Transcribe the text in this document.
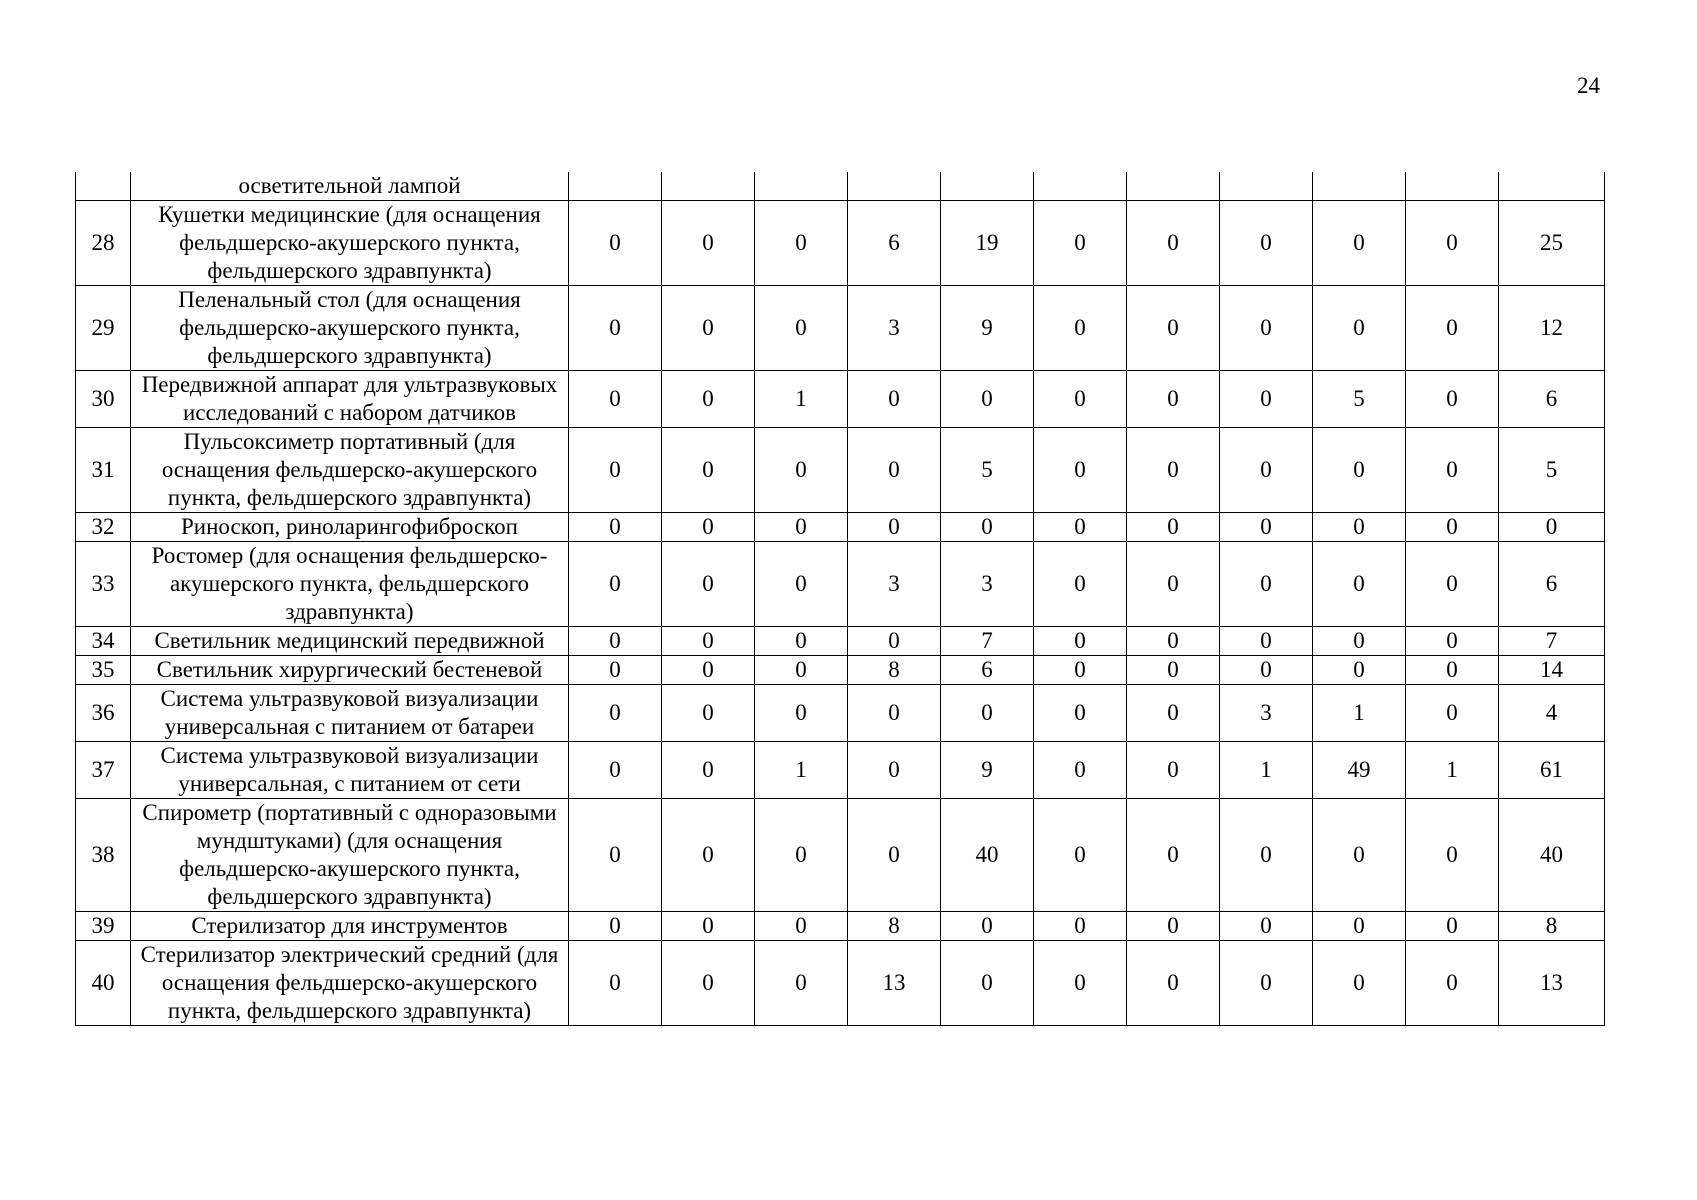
24
	осветительной лампой											
28	Кушетки медицинские (для оснащения фельдшерско-акушерского пункта, фельдшерского здравпункта)	0	0	0	6	19	0	0	0	0	0	25
29	Пеленальный стол (для оснащения фельдшерско-акушерского пункта, фельдшерского здравпункта)	0	0	0	3	9	0	0	0	0	0	12
30	Передвижной аппарат для ультразвуковых исследований с набором датчиков	0	0	1	0	0	0	0	0	5	0	6
31	Пульсоксиметр портативный (для оснащения фельдшерско-акушерского пункта, фельдшерского здравпункта)	0	0	0	0	5	0	0	0	0	0	5
32	Риноскоп, риноларингофиброскоп	0	0	0	0	0	0	0	0	0	0	0
33	Ростомер (для оснащения фельдшерско-акушерского пункта, фельдшерского здравпункта)	0	0	0	3	3	0	0	0	0	0	6
34	Светильник медицинский передвижной	0	0	0	0	7	0	0	0	0	0	7
35	Светильник хирургический бестеневой	0	0	0	8	6	0	0	0	0	0	14
36	Система ультразвуковой визуализации универсальная с питанием от батареи	0	0	0	0	0	0	0	3	1	0	4
37	Система ультразвуковой визуализации универсальная, с питанием от сети	0	0	1	0	9	0	0	1	49	1	61
38	Спирометр (портативный с одноразовыми мундштуками) (для оснащения фельдшерско-акушерского пункта, фельдшерского здравпункта)	0	0	0	0	40	0	0	0	0	0	40
39	Стерилизатор для инструментов	0	0	0	8	0	0	0	0	0	0	8
40	Стерилизатор электрический средний (для оснащения фельдшерско-акушерского пункта, фельдшерского здравпункта)	0	0	0	13	0	0	0	0	0	0	13
